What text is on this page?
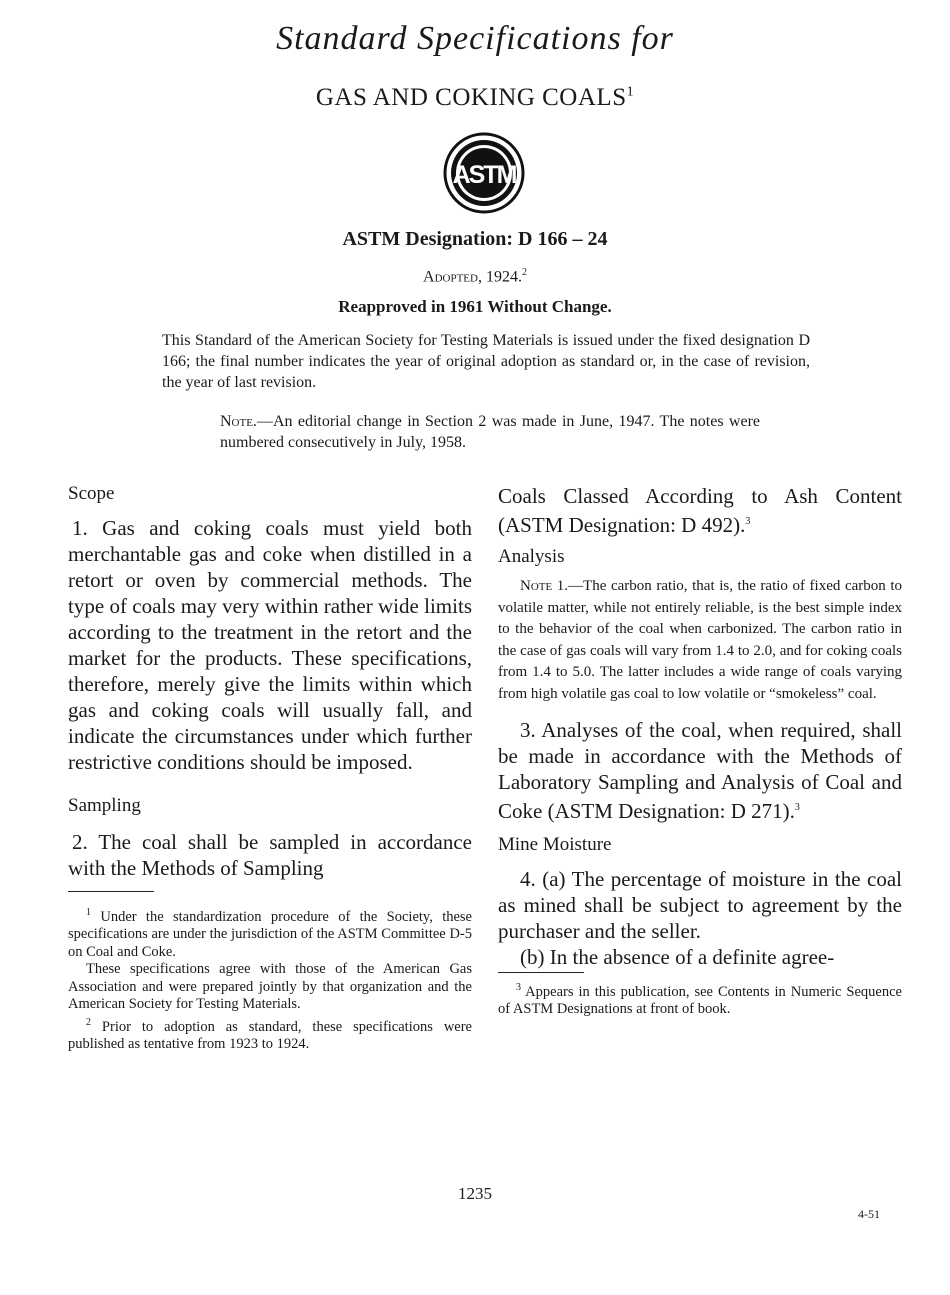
Standard Specifications for
GAS AND COKING COALS$^1$
ASTM
ASTM Designation: D 166 – 24
Adopted, 1924.$^2$
Reapproved in 1961 Without Change.
This Standard of the American Society for Testing Materials is issued under the fixed designation D 166; the final number indicates the year of original adoption as standard or, in the case of revision, the year of last revision.
Note.—An editorial change in Section 2 was made in June, 1947. The notes were numbered consecutively in July, 1958.

Scope

1. Gas and coking coals must yield both merchantable gas and coke when distilled in a retort or oven by commercial methods. The type of coals may very within rather wide limits according to the treatment in the retort and the market for the products. These specifications, therefore, merely give the limits within which gas and coking coals will usually fall, and indicate the circumstances under which further restrictive conditions should be imposed.

Sampling

2. The coal shall be sampled in accordance with the Methods of Sampling

$^1$ Under the standardization procedure of the Society, these specifications are under the jurisdiction of the ASTM Committee D-5 on Coal and Coke.

These specifications agree with those of the American Gas Association and were prepared jointly by that organization and the American Society for Testing Materials.

$^2$ Prior to adoption as standard, these specifications were published as tentative from 1923 to 1924.

Coals Classed According to Ash Content (ASTM Designation: D 492).$^3$

Analysis

Note 1.—The carbon ratio, that is, the ratio of fixed carbon to volatile matter, while not entirely reliable, is the best simple index to the behavior of the coal when carbonized. The carbon ratio in the case of gas coals will vary from 1.4 to 2.0, and for coking coals from 1.4 to 5.0. The latter includes a wide range of coals varying from high volatile gas coal to low volatile or “smokeless” coal.

3. Analyses of the coal, when required, shall be made in accordance with the Methods of Laboratory Sampling and Analysis of Coal and Coke (ASTM Designation: D 271).$^3$

Mine Moisture

4. (a) The percentage of moisture in the coal as mined shall be subject to agreement by the purchaser and the seller.

(b) In the absence of a definite agree-

$^3$ Appears in this publication, see Contents in Numeric Sequence of ASTM Designations at front of book.

1235
4-51
